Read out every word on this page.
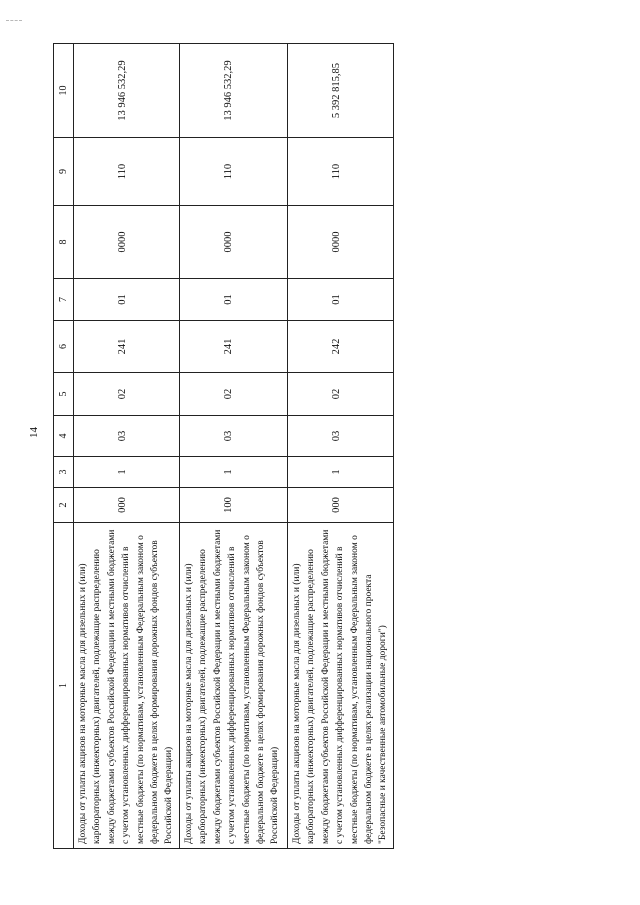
14
1	2	3	4	5	6	7	8	9	10
Доходы от уплаты акцизов на моторные масла для дизельных и (или) карбюраторных (инжекторных) двигателей, подлежащие распределению между бюджетами субъектов Российской Федерации и местными бюджетами с учетом установленных дифференцированных нормативов отчислений в местные бюджеты (по нормативам, установленным Федеральным законом о федеральном бюджете в целях формирования дорожных фондов субъектов Российской Федерации)	000	1	03	02	241	01	0000	110	13 946 532,29
Доходы от уплаты акцизов на моторные масла для дизельных и (или) карбюраторных (инжекторных) двигателей, подлежащие распределению между бюджетами субъектов Российской Федерации и местными бюджетами с учетом установленных дифференцированных нормативов отчислений в местные бюджеты (по нормативам, установленным Федеральным законом о федеральном бюджете в целях формирования дорожных фондов субъектов Российской Федерации)	100	1	03	02	241	01	0000	110	13 946 532,29
Доходы от уплаты акцизов на моторные масла для дизельных и (или) карбюраторных (инжекторных) двигателей, подлежащие распределению между бюджетами субъектов Российской Федерации и местными бюджетами с учетом установленных дифференцированных нормативов отчислений в местные бюджеты (по нормативам, установленным Федеральным законом о федеральном бюджете в целях реализации национального проекта "Безопасные и качественные автомобильные дороги")	000	1	03	02	242	01	0000	110	5 392 815,85
